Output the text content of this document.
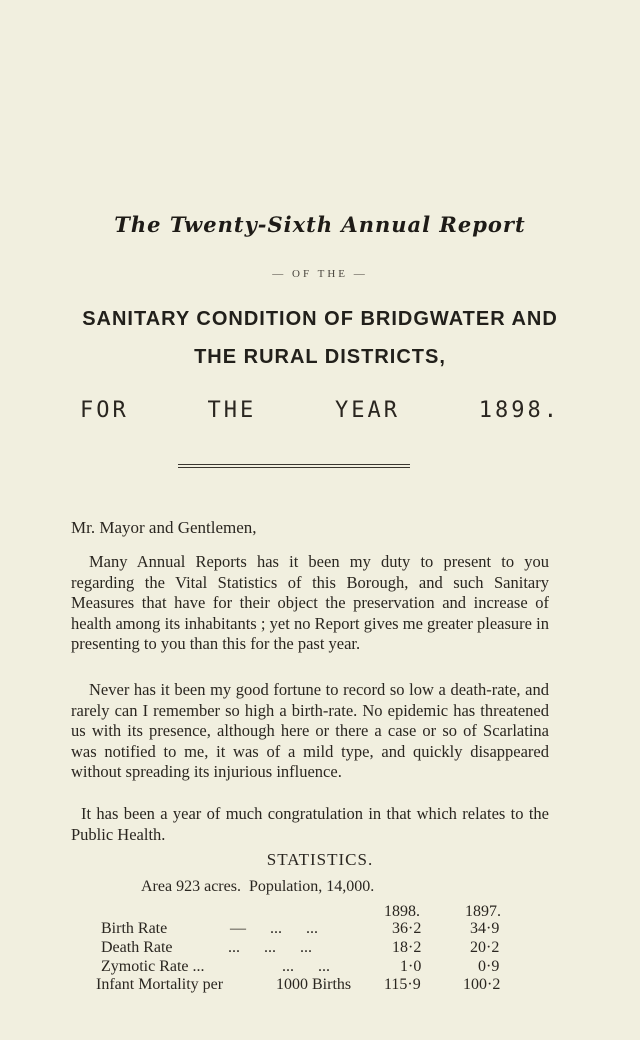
The Twenty-Sixth Annual Report
— OF THE —
SANITARY CONDITION OF BRIDGWATER AND
THE RURAL DISTRICTS,
FOR	THE	YEAR	1898.
Mr. Mayor and Gentlemen,

Many Annual Reports has it been my duty to present to you regarding the Vital Statistics of this Borough, and such Sanitary Measures that have for their object the preservation and increase of health among its inhabitants ; yet no Report gives me greater pleasure in presenting to you than this for the past year.

Never has it been my good fortune to record so low a death-rate, and rarely can I remember so high a birth-rate. No epidemic has threatened us with its presence, although here or there a case or so of Scarlatina was notified to me, it was of a mild type, and quickly disappeared without spreading its injurious influence.

It has been a year of much congratulation in that which relates to the Public Health.

STATISTICS.
Area 923 acres.  Population, 14,000.
1898.	1897.
Birth Rate	—      ...      ...	36·2	34·9
Death Rate	...      ...      ...	18·2	20·2
Zymotic Rate ...	...      ...	1·0	0·9
Infant Mortality per	1000 Births 115·9	100·2
